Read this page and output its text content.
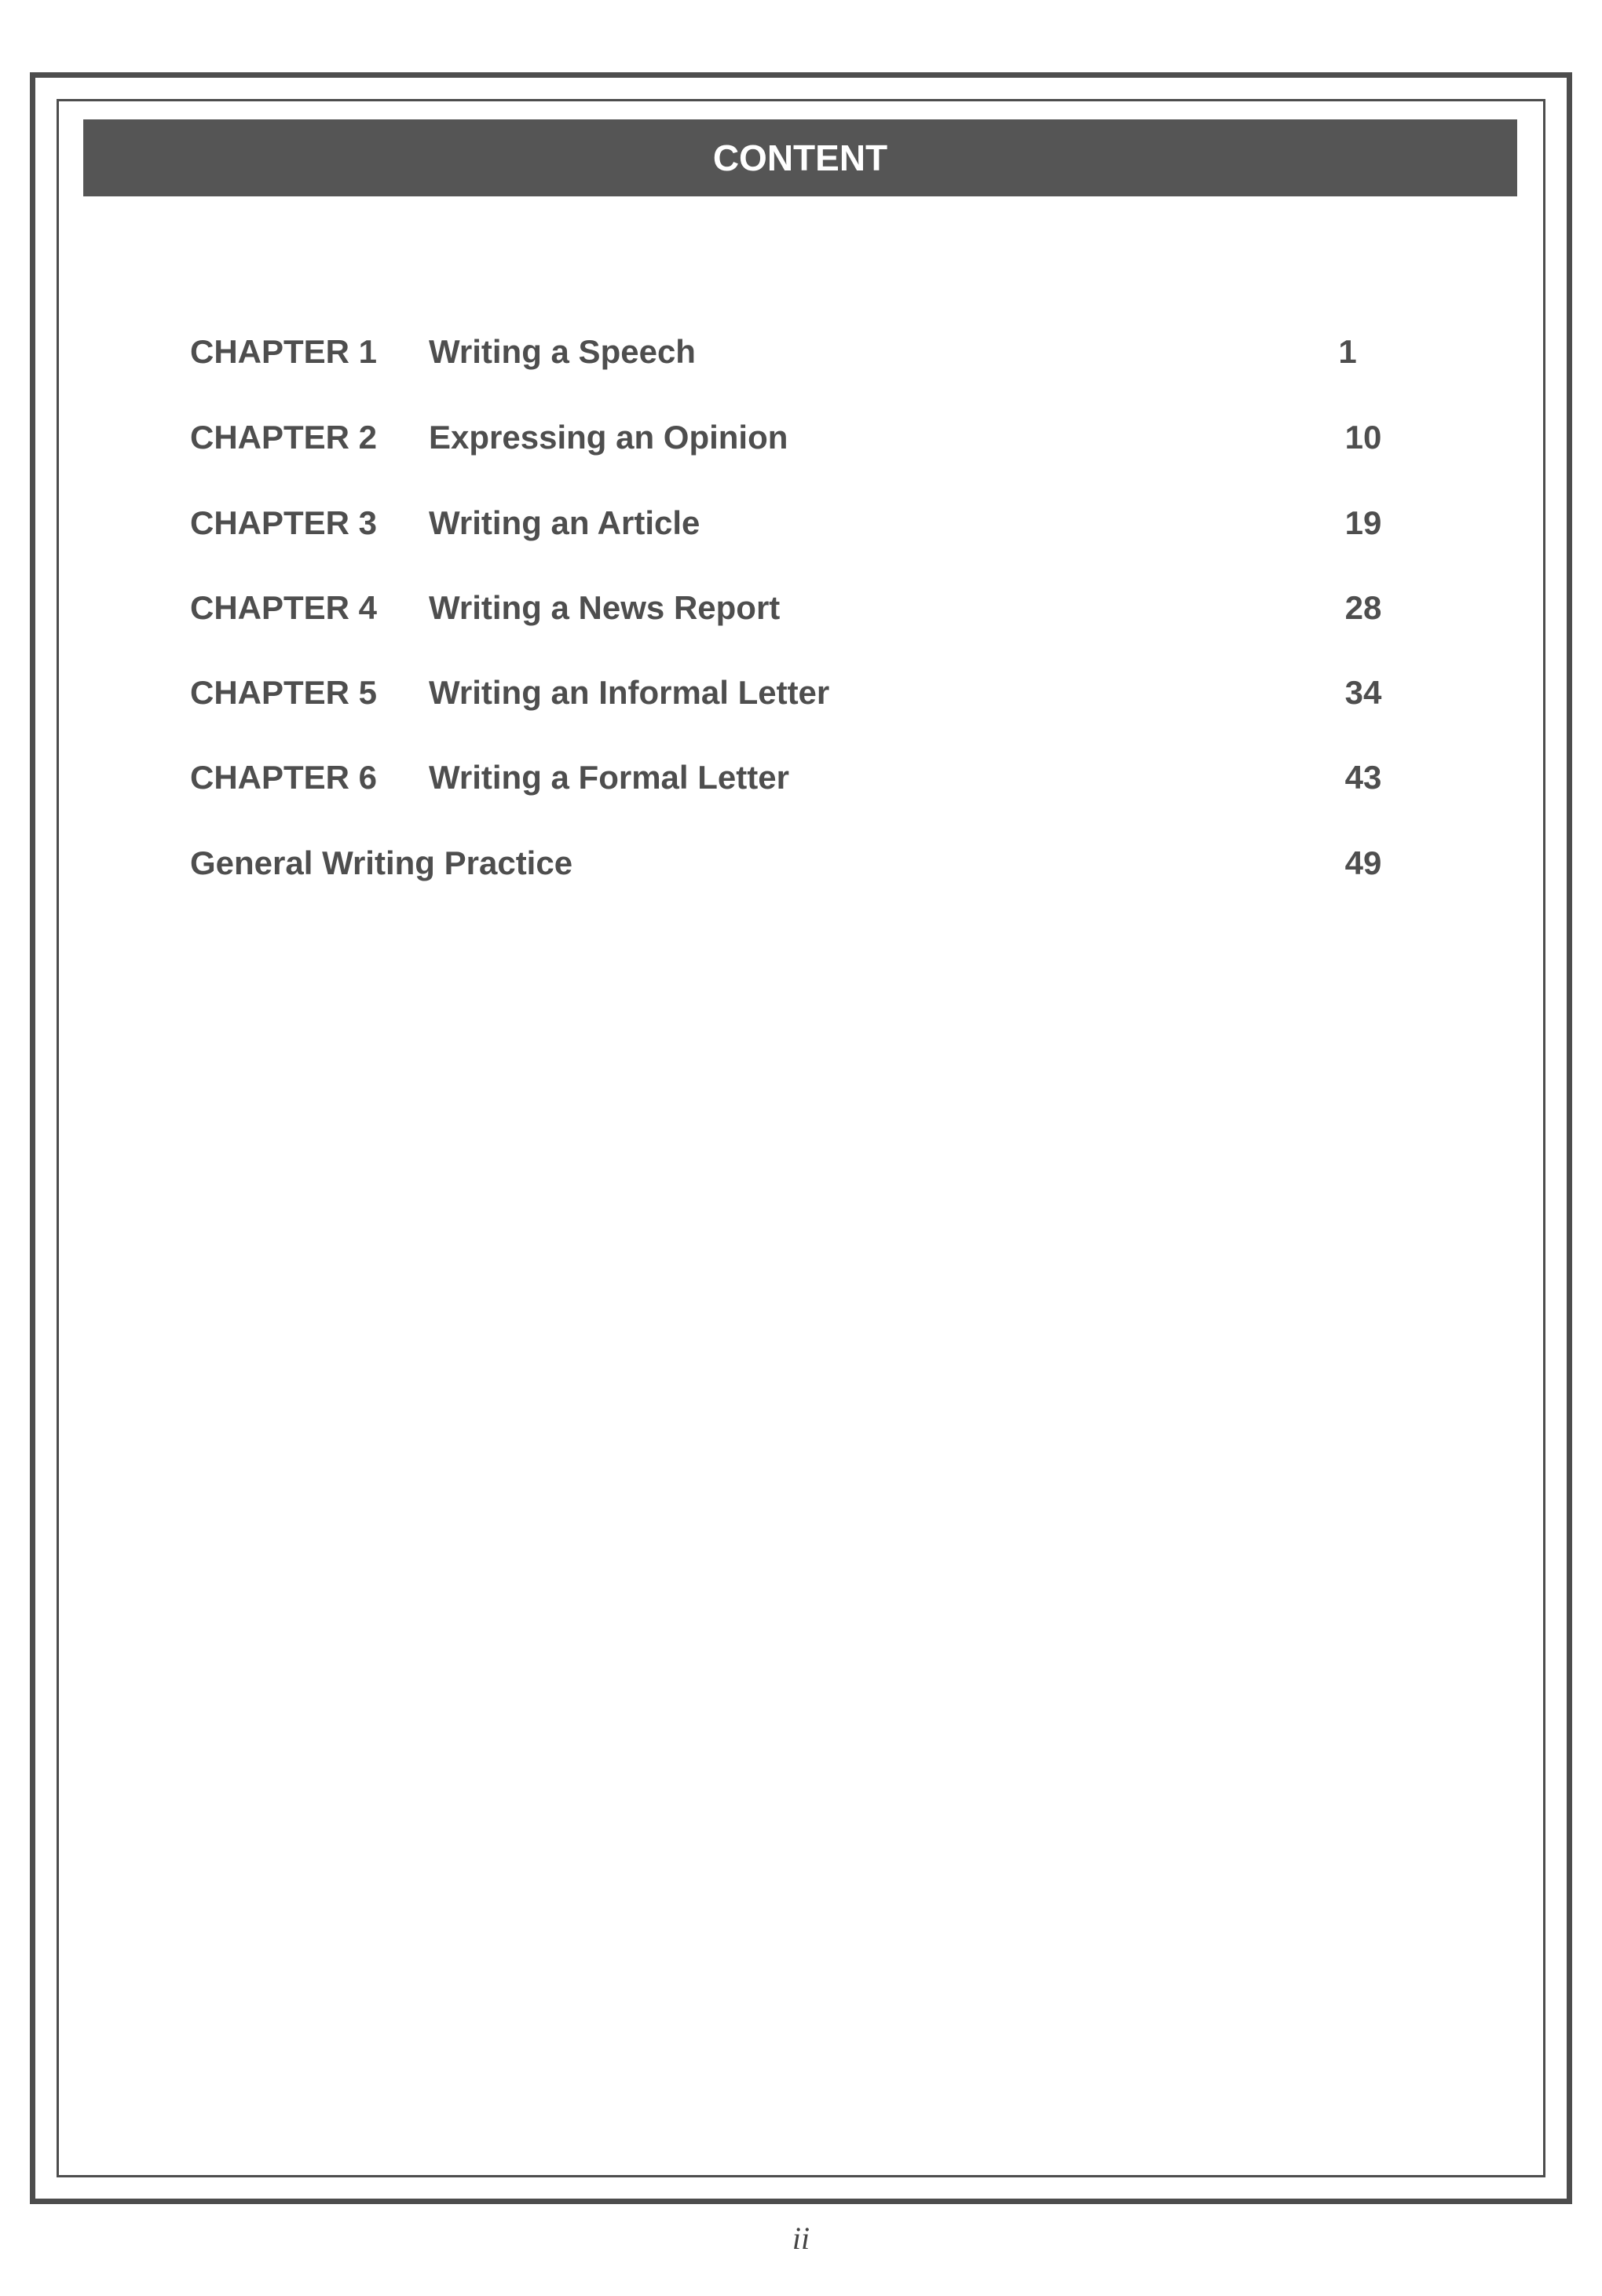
CONTENT
CHAPTER 1 Writing a Speech	1
CHAPTER 2 Expressing an Opinion	10
CHAPTER 3 Writing an Article	19
CHAPTER 4 Writing a News Report	28
CHAPTER 5 Writing an Informal Letter	34
CHAPTER 6 Writing a Formal Letter	43
General Writing Practice	49
ii
